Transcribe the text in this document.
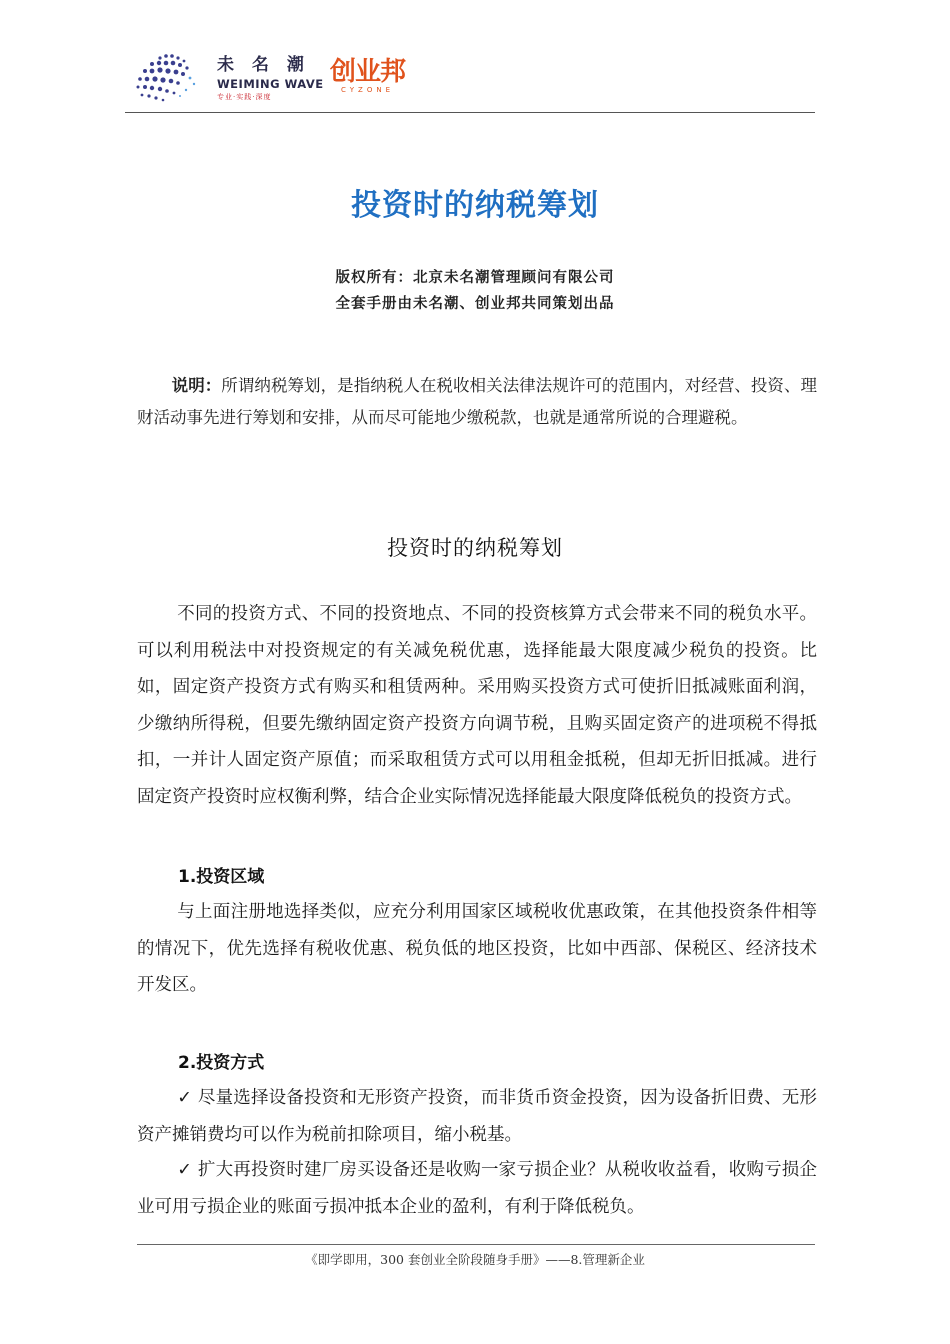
未 名 潮
WEIMING WAVE
专业·实践·深度
创业邦
CYZONE
投资时的纳税筹划
版权所有：北京未名潮管理顾问有限公司
全套手册由未名潮、创业邦共同策划出品
说明：所谓纳税筹划，是指纳税人在税收相关法律法规许可的范围内，对经营、投资、理财活动事先进行筹划和安排，从而尽可能地少缴税款，也就是通常所说的合理避税。
投资时的纳税筹划
不同的投资方式、不同的投资地点、不同的投资核算方式会带来不同的税负水平。可以利用税法中对投资规定的有关减免税优惠，选择能最大限度减少税负的投资。比如，固定资产投资方式有购买和租赁两种。采用购买投资方式可使折旧抵减账面利润，少缴纳所得税，但要先缴纳固定资产投资方向调节税，且购买固定资产的进项税不得抵扣，一并计人固定资产原值；而采取租赁方式可以用租金抵税，但却无折旧抵减。进行固定资产投资时应权衡利弊，结合企业实际情况选择能最大限度降低税负的投资方式。
1.投资区域
与上面注册地选择类似，应充分利用国家区域税收优惠政策，在其他投资条件相等的情况下，优先选择有税收优惠、税负低的地区投资，比如中西部、保税区、经济技术开发区。
2.投资方式
✓ 尽量选择设备投资和无形资产投资，而非货币资金投资，因为设备折旧费、无形资产摊销费均可以作为税前扣除项目，缩小税基。
✓ 扩大再投资时建厂房买设备还是收购一家亏损企业？从税收收益看，收购亏损企业可用亏损企业的账面亏损冲抵本企业的盈利，有利于降低税负。
《即学即用，300 套创业全阶段随身手册》——8.管理新企业
